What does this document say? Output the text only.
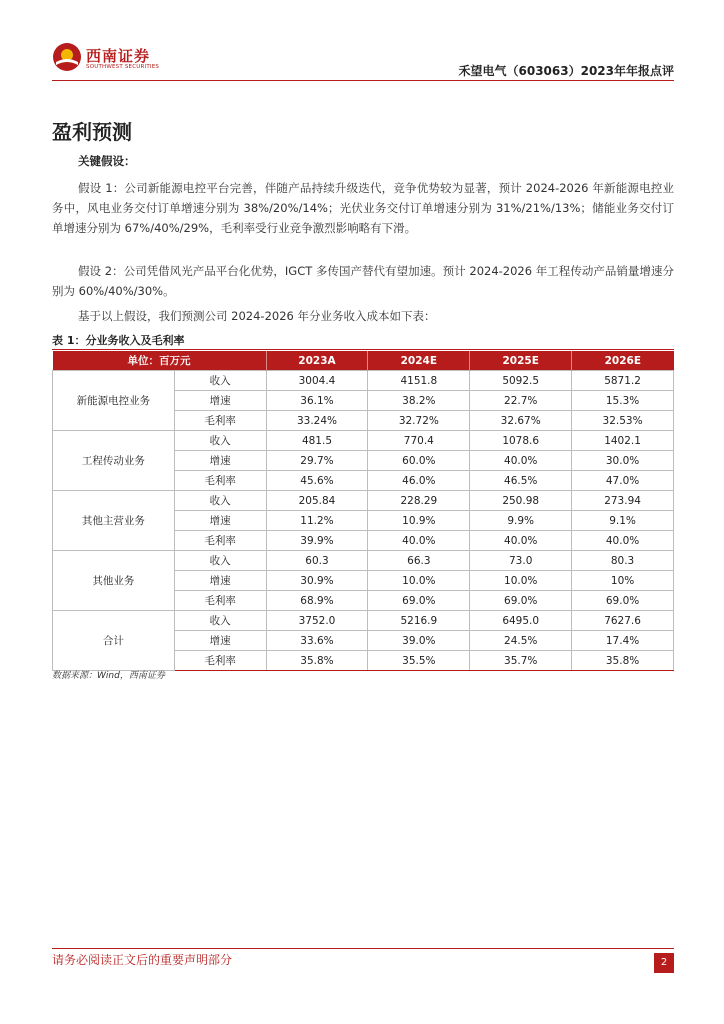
西南证券
SOUTHWEST SECURITIES	禾望电气（603063）2023年年报点评
盈利预测
关键假设：

假设 1：公司新能源电控平台完善，伴随产品持续升级迭代，竞争优势较为显著，预计 2024-2026 年新能源电控业务中，风电业务交付订单增速分别为 38%/20%/14%；光伏业务交付订单增速分别为 31%/21%/13%；储能业务交付订单增速分别为 67%/40%/29%，毛利率受行业竞争激烈影响略有下滑。

假设 2：公司凭借风光产品平台化优势，IGCT 多传国产替代有望加速。预计 2024-2026 年工程传动产品销量增速分别为 60%/40%/30%。

基于以上假设，我们预测公司 2024-2026 年分业务收入成本如下表：

表 1：分业务收入及毛利率
单位：百万元		2023A	2024E	2025E	2026E
新能源电控业务	收入	3004.4	4151.8	5092.5	5871.2
	增速	36.1%	38.2%	22.7%	15.3%
	毛利率	33.24%	32.72%	32.67%	32.53%
工程传动业务	收入	481.5	770.4	1078.6	1402.1
	增速	29.7%	60.0%	40.0%	30.0%
	毛利率	45.6%	46.0%	46.5%	47.0%
其他主营业务	收入	205.84	228.29	250.98	273.94
	增速	11.2%	10.9%	9.9%	9.1%
	毛利率	39.9%	40.0%	40.0%	40.0%
其他业务	收入	60.3	66.3	73.0	80.3
	增速	30.9%	10.0%	10.0%	10%
	毛利率	68.9%	69.0%	69.0%	69.0%
合计	收入	3752.0	5216.9	6495.0	7627.6
	增速	33.6%	39.0%	24.5%	17.4%
	毛利率	35.8%	35.5%	35.7%	35.8%
数据来源：Wind，西南证券
请务必阅读正文后的重要声明部分	2
